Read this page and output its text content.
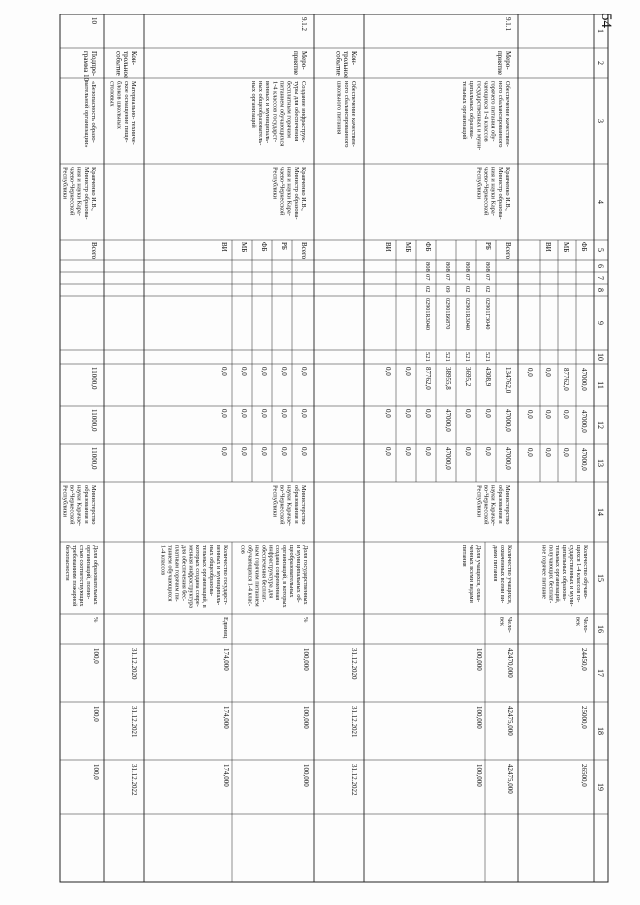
54
1
2
3
4
5
6
7
8
9
10
11
12
13
14
15
16
17
18
19
ФБ
47000,0
47000,0
47000,0
МБ
87762,0
0,0
0,0
ВИ
0,0
0,0
0,0
0,0
0,0
0,0
Количество обучаю-щихся 1-4 классов го-сударственных и муни-ципальных образова-тельных организаций,получающих бесплат-ное горячее питание
Чело-век
24450,0
25000,0
26500,0
9.1.1
Меро-приятие
Обеспечение качествен-ного сбалансированногогорячего питания обу-чающихся 1-4 классовгосударственных и муни-ципальных образова-тельных организаций
Кравченко И.В.,Министр образова-ния и науки Кара-чаево-ЧеркесскойРеспублики
Всего
134762,0
47000,0
47000,0
РБ
808
07
02
02901Г3040
521
4308,9
0,0
0,0
808
07
02
02901R3040
521
3695,2
0,0
0,0
808
07
09
02901Б6870
521
38955,8
47000,0
47000,0
ФБ
808
07
02
02901R3040
521
87762,0
0,0
0,0
МБ
0,0
0,0
0,0
ВИ
0,0
0,0
0,0
Министерствообразования инауки Карачае-во-ЧеркесскойРеспублики
Количество учащихся,охваченных всеми ви-дами питания
Чело-век
42470,000
42475,000
42475,000
Доля учащихся, охва-ченных всеми видамипитания
100,000
100,000
100,000
Кон-трольноесобытие
Обеспечение качествен-ного сбалансированногошкольного питания
31.12.2020
31.12.2021
31.12.2022
9.1.2
Меро-приятие
Создание инфраструк-туры для обеспечениябесплатным горячимпитанием обучающихся1-4 классов государст-венных и муниципаль-ных общеобразователь-ных организаций
Кравченко И.В.,Министр образова-ния и науки Кара-чаево-ЧеркесскойРеспублики
Всего
0,0
0,0
0,0
РБ
0,0
0,0
0,0
ФБ
0,0
0,0
0,0
МБ
0,0
0,0
0,0
ВИ
0,0
0,0
0,0
Министерствообразования инауки Карачае-во-ЧеркесскойРеспублики
Доля государственныхи муниципальных об-щеобразовательныхорганизаций, в которыхсоздана современнаяинфраструктура дляобеспечения бесплат-ным горячим питаниемобучающихся 1-4 клас-сов
%
100,000
100,000
100,000
Количество государст-венных и муниципаль-ных общеобразова-тельных организаций, вкоторых создана совре-менная инфраструктурадля обеспечения бес-платным горячим пи-танием обучающихся1-4 классов
Единиц
174,000
174,000
174,000
Кон-трольноесобытие
Материально- техниче-ское оснащение пище-блоков школьныхстоловых
31.12.2020
31.12.2021
31.12.2022
10
Подпро-грамма 10
«Безопасность образо-вательной организации»
Кравченко И.В.,Министр образова-ния и науки Кара-чаево-ЧеркесскойРеспублики
Всего
11000,0
11000,0
11000,0
Министерствообразования инауки Карачае-во-ЧеркесскойРеспублики
Доля образовательныхорганизаций, полно-стью соответствующихтребованиям пожарнойбезопасности
%
100,0
100,0
100,0
